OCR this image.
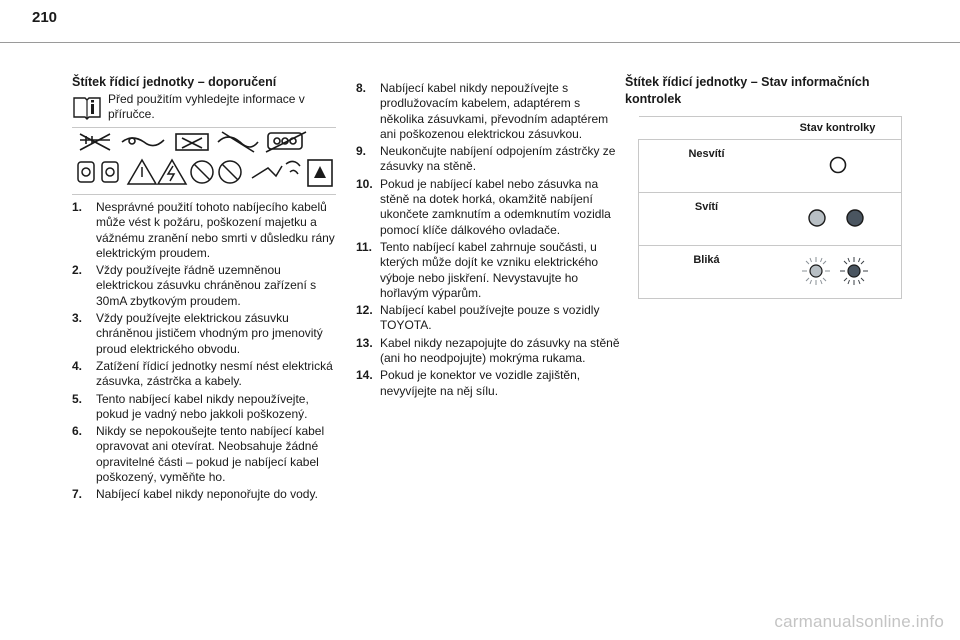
210
Štítek řídicí jednotky – doporučení
Před použitím vyhledejte informace v příručce.
1. Nesprávné použití tohoto nabíjecího kabelů může vést k požáru, poškození majetku a vážnému zranění nebo smrti v důsledku rány elektrickým proudem.
2. Vždy používejte řádně uzemněnou elektrickou zásuvku chráněnou zařízení s 30mA zbytkovým proudem.
3. Vždy používejte elektrickou zásuvku chráněnou jističem vhodným pro jmenovitý proud elektrického obvodu.
4. Zatížení řídicí jednotky nesmí nést elektrická zásuvka, zástrčka a kabely.
5. Tento nabíjecí kabel nikdy nepoužívejte, pokud je vadný nebo jakkoli poškozený.
6. Nikdy se nepokoušejte tento nabíjecí kabel opravovat ani otevírat. Neobsahuje žádné opravitelné části – pokud je nabíjecí kabel poškozený, vyměňte ho.
7. Nabíjecí kabel nikdy neponořujte do vody.
8. Nabíjecí kabel nikdy nepoužívejte s prodlužovacím kabelem, adaptérem s několika zásuvkami, převodním adaptérem ani poškozenou elektrickou zásuvkou.
9. Neukončujte nabíjení odpojením zástrčky ze zásuvky na stěně.
10. Pokud je nabíjecí kabel nebo zásuvka na stěně na dotek horká, okamžitě nabíjení ukončete zamknutím a odemknutím vozidla pomocí klíče dálkového ovladače.
11. Tento nabíjecí kabel zahrnuje součásti, u kterých může dojít ke vzniku elektrického výboje nebo jiskření. Nevystavujte ho hořlavým výparům.
12. Nabíjecí kabel používejte pouze s vozidly TOYOTA.
13. Kabel nikdy nezapojujte do zásuvky na stěně (ani ho neodpojujte) mokrýma rukama.
14. Pokud je konektor ve vozidle zajištěn, nevyvíjejte na něj sílu.
Štítek řídicí jednotky – Stav informačních kontrolek
	Stav kontrolky
Nesvítí	
Svítí	
Bliká	
carmanualsonline.info
